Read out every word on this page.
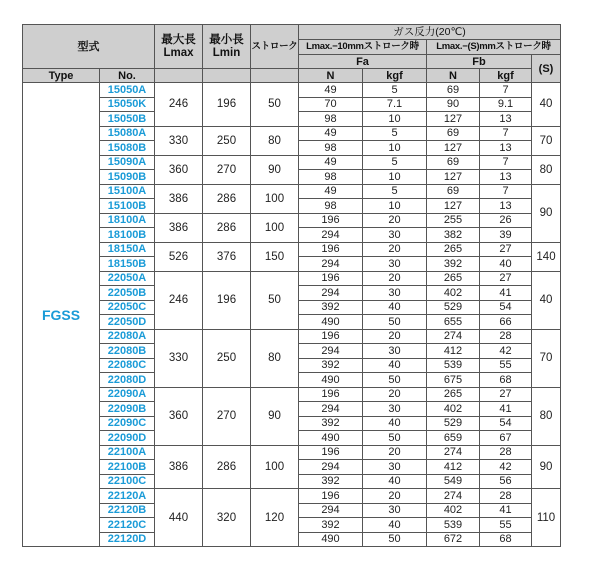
型式		最大長
Lmax	最小長
Lmin	ストローク	ガス反力(20℃)				
					Lmax.−10mmストローク時		Lmax.−(S)mmストローク時		
					Fa		Fb		(S)
Type	No.				N	kgf	N	kgf	
FGSS	15050A	246	196	50	49	5	69	7	40
	15050K				70	7.1	90	9.1	
	15050B				98	10	127	13	
	15080A	330	250	80	49	5	69	7	70
	15080B				98	10	127	13	
	15090A	360	270	90	49	5	69	7	80
	15090B				98	10	127	13	
	15100A	386	286	100	49	5	69	7	90
	15100B				98	10	127	13	
	18100A	386	286	100	196	20	255	26	
	18100B				294	30	382	39	
	18150A	526	376	150	196	20	265	27	140
	18150B				294	30	392	40	
	22050A	246	196	50	196	20	265	27	40
	22050B				294	30	402	41	
	22050C				392	40	529	54	
	22050D				490	50	655	66	
	22080A	330	250	80	196	20	274	28	70
	22080B				294	30	412	42	
	22080C				392	40	539	55	
	22080D				490	50	675	68	
	22090A	360	270	90	196	20	265	27	80
	22090B				294	30	402	41	
	22090C				392	40	529	54	
	22090D				490	50	659	67	
	22100A	386	286	100	196	20	274	28	90
	22100B				294	30	412	42	
	22100C				392	40	549	56	
	22120A	440	320	120	196	20	274	28	110
	22120B				294	30	402	41	
	22120C				392	40	539	55	
	22120D				490	50	672	68	
